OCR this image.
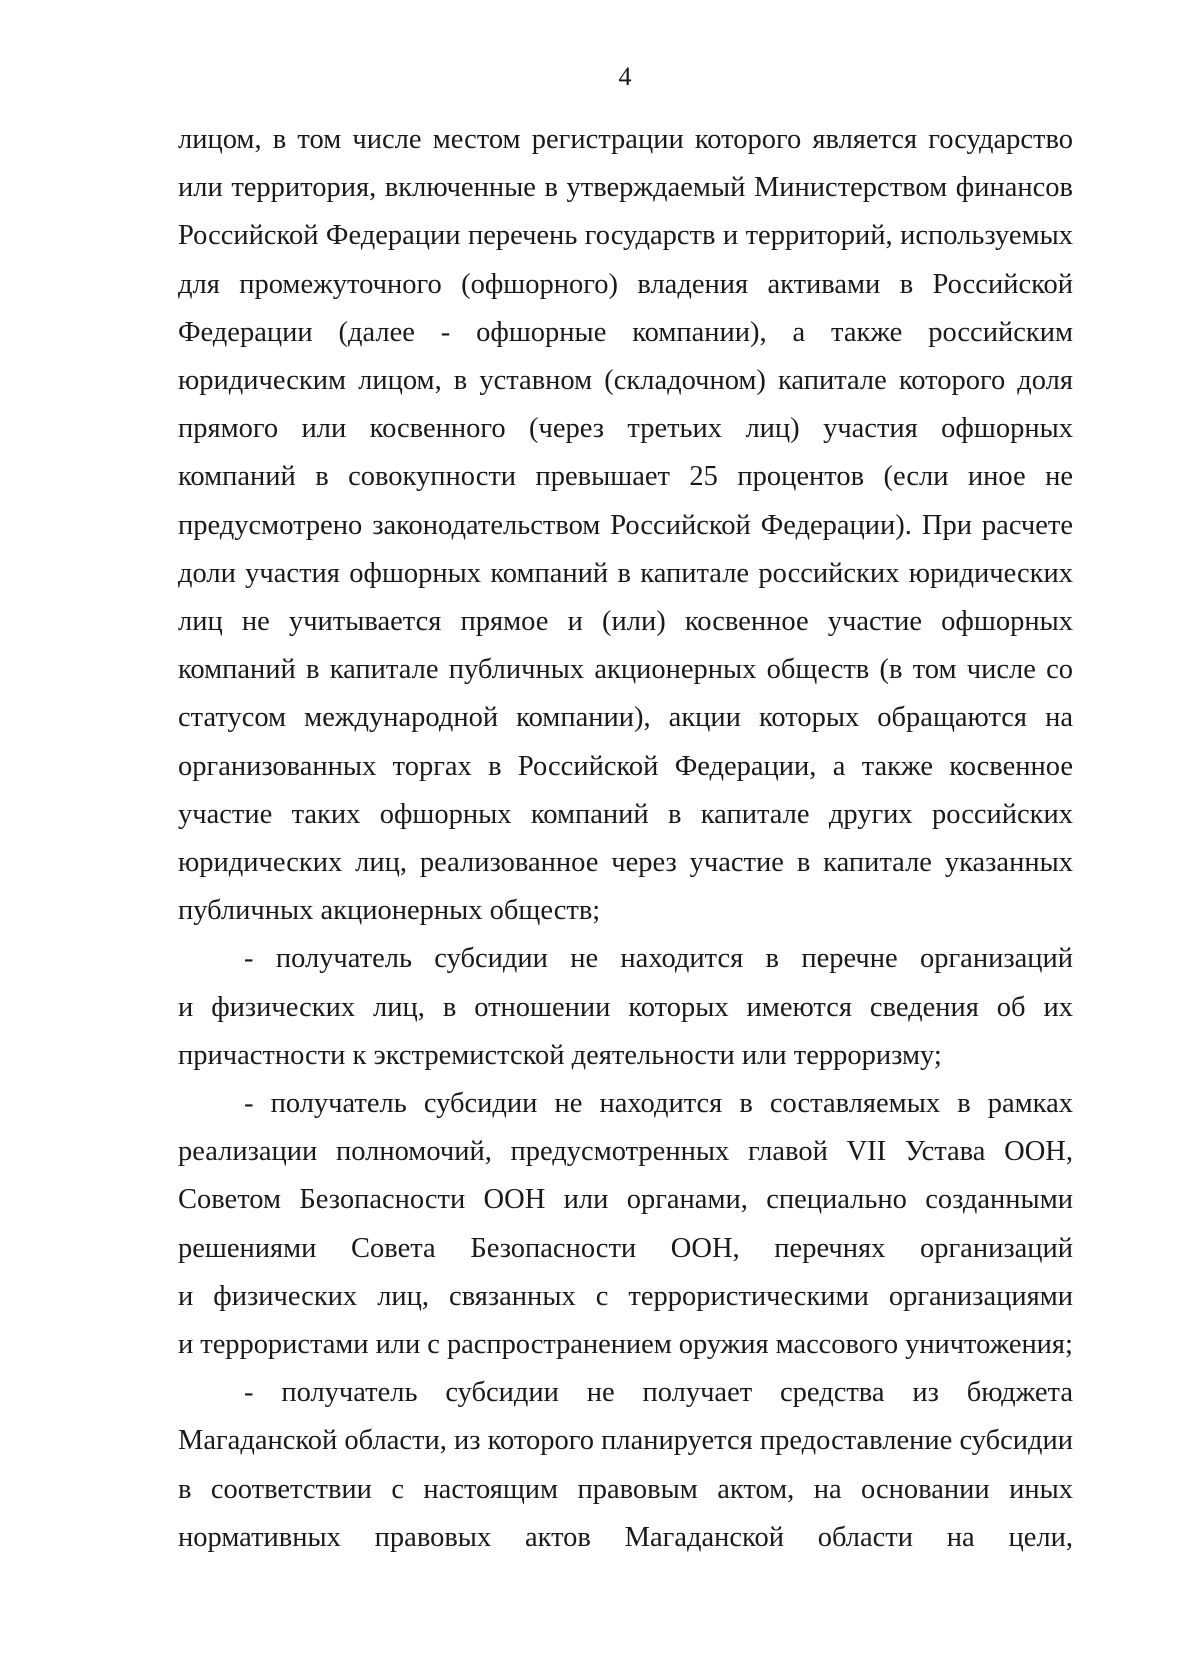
4

лицом, в том числе местом регистрации которого является государство
или территория, включенные в утверждаемый Министерством финансов
Российской Федерации перечень государств и территорий, используемых
для промежуточного (офшорного) владения активами в Российской
Федерации (далее - офшорные компании), а также российским
юридическим лицом, в уставном (складочном) капитале которого доля
прямого или косвенного (через третьих лиц) участия офшорных
компаний в совокупности превышает 25 процентов (если иное не
предусмотрено законодательством Российской Федерации). При расчете
доли участия офшорных компаний в капитале российских юридических
лиц не учитывается прямое и (или) косвенное участие офшорных
компаний в капитале публичных акционерных обществ (в том числе со
статусом международной компании), акции которых обращаются на
организованных торгах в Российской Федерации, а также косвенное
участие таких офшорных компаний в капитале других российских
юридических лиц, реализованное через участие в капитале указанных
публичных акционерных обществ;

- получатель субсидии не находится в перечне организаций
и физических лиц, в отношении которых имеются сведения об их
причастности к экстремистской деятельности или терроризму;

- получатель субсидии не находится в составляемых в рамках
реализации полномочий, предусмотренных главой VII Устава ООН,
Советом Безопасности ООН или органами, специально созданными
решениями Совета Безопасности ООН, перечнях организаций
и физических лиц, связанных с террористическими организациями
и террористами или с распространением оружия массового уничтожения;

- получатель субсидии не получает средства из бюджета
Магаданской области, из которого планируется предоставление субсидии
в соответствии с настоящим правовым актом, на основании иных
нормативных правовых актов Магаданской области на цели,
